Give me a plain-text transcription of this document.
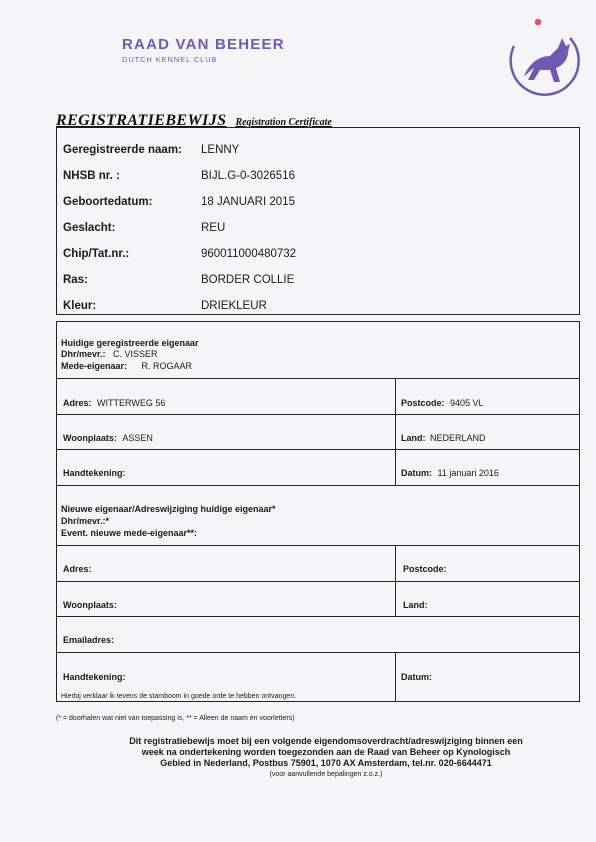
RAAD VAN BEHEER
DUTCH KENNEL CLUB
REGISTRATIEBEWIJS Registration Certificate
Geregistreerde naam:	LENNY
NHSB nr. :	BIJL.G-0-3026516
Geboortedatum:	18 JANUARI 2015
Geslacht:	REU
Chip/Tat.nr.:	960011000480732
Ras:	BORDER COLLIE
Kleur:	DRIEKLEUR
Huidige geregistreerde eigenaar
Dhr/mevr.: C. VISSER
Mede-eigenaar: R. ROGAAR
Adres: WITTERWEG 56	Postcode: 9405 VL
Woonplaats: ASSEN	Land: NEDERLAND
Handtekening:	Datum: 11 januari 2016
Nieuwe eigenaar/Adreswijziging huidige eigenaar*
Dhr/mevr.:*
Event. nieuwe mede-eigenaar**:
Adres:	Postcode:
Woonplaats:	Land:
Emailadres:
Handtekening:	Datum:
Hierbij verklaar ik tevens de stamboom in goede orde te hebben ontvangen.
(* = doorhalen wat niet van toepassing is, ** = Alleen de naam en voorletters)
Dit registratiebewijs moet bij een volgende eigendomsoverdracht/adreswijziging binnen een
week na ondertekening worden toegezonden aan de Raad van Beheer op Kynologisch
Gebied in Nederland, Postbus 75901, 1070 AX Amsterdam, tel.nr. 020-6644471
(voor aanvullende bepalingen z.o.z.)
